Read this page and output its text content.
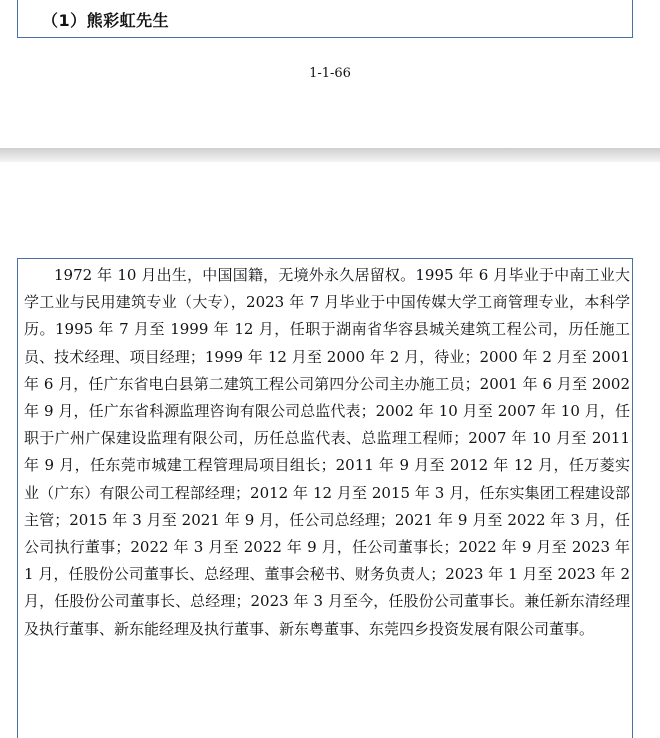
（1）熊彩虹先生
1-1-66

1972 年 10 月出生，中国国籍，无境外永久居留权。1995 年 6 月毕业于中南工业大学工业与民用建筑专业（大专），2023 年 7 月毕业于中国传媒大学工商管理专业，本科学历。1995 年 7 月至 1999 年 12 月，任职于湖南省华容县城关建筑工程公司，历任施工员、技术经理、项目经理；1999 年 12 月至 2000 年 2 月，待业；2000 年 2 月至 2001 年 6 月，任广东省电白县第二建筑工程公司第四分公司主办施工员；2001 年 6 月至 2002 年 9 月，任广东省科源监理咨询有限公司总监代表；2002 年 10 月至 2007 年 10 月，任职于广州广保建设监理有限公司，历任总监代表、总监理工程师；2007 年 10 月至 2011 年 9 月，任东莞市城建工程管理局项目组长；2011 年 9 月至 2012 年 12 月，任万菱实业（广东）有限公司工程部经理；2012 年 12 月至 2015 年 3 月，任东实集团工程建设部主管；2015 年 3 月至 2021 年 9 月，任公司总经理；2021 年 9 月至 2022 年 3 月，任公司执行董事；2022 年 3 月至 2022 年 9 月，任公司董事长；2022 年 9 月至 2023 年 1 月，任股份公司董事长、总经理、董事会秘书、财务负责人；2023 年 1 月至 2023 年 2 月，任股份公司董事长、总经理；2023 年 3 月至今，任股份公司董事长。兼任新东清经理及执行董事、新东能经理及执行董事、新东粤董事、东莞四乡投资发展有限公司董事。
